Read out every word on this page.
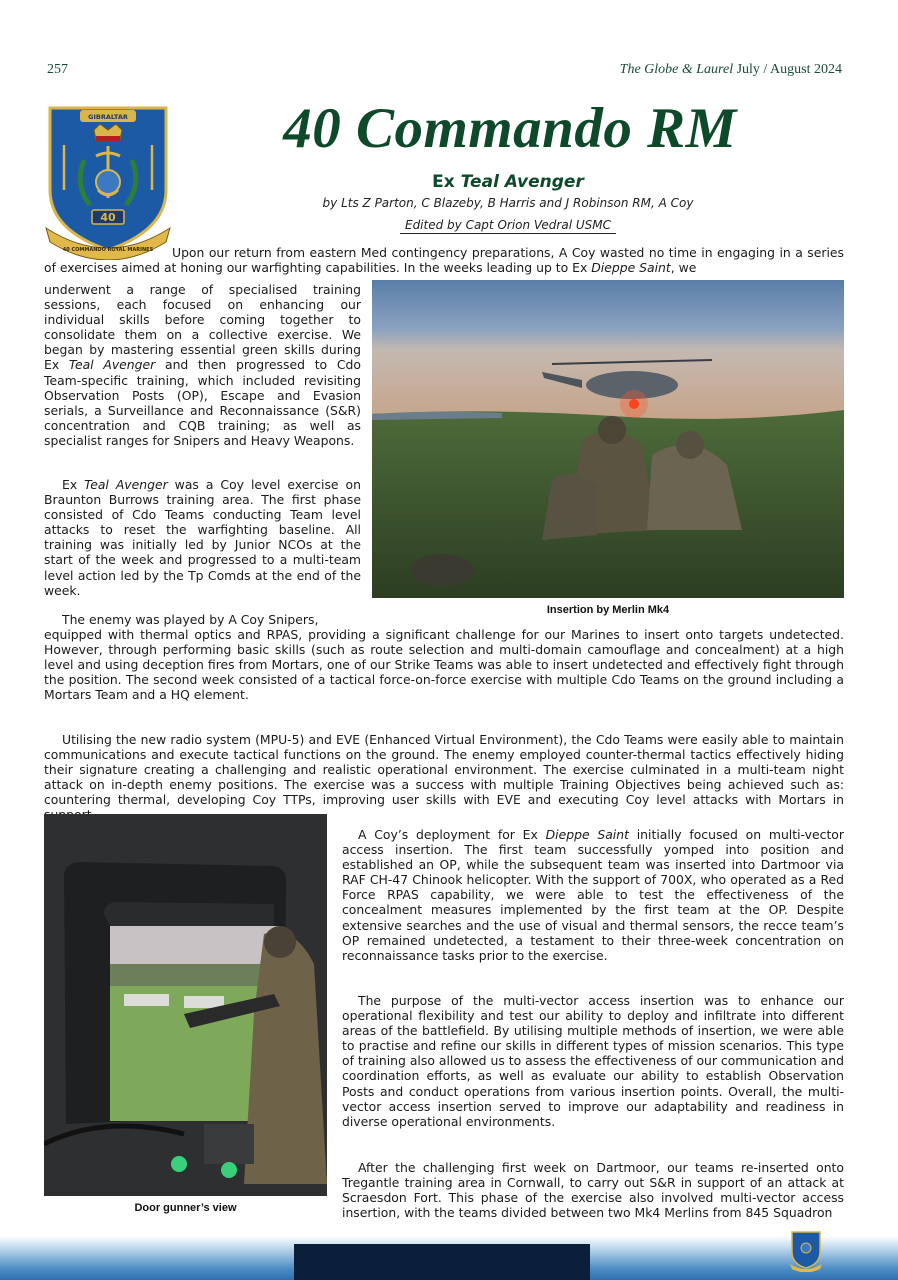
257	The Globe & Laurel July / August 2024
GIBRALTAR
40
40 COMMANDO ROYAL MARINES
40 Commando RM
Ex Teal Avenger
by Lts Z Parton, C Blazeby, B Harris and J Robinson RM, A Coy
Edited by Capt Orion Vedral USMC

Upon our return from eastern Med contingency preparations, A Coy wasted no time in engaging in a series of exercises aimed at honing our warfighting capabilities. In the weeks leading up to Ex Dieppe Saint, we

underwent a range of specialised training sessions, each focused on enhancing our individual skills before coming together to consolidate them on a collective exercise. We began by mastering essential green skills during Ex Teal Avenger and then progressed to Cdo Team-specific training, which included revisiting Observation Posts (OP), Escape and Evasion serials, a Surveillance and Reconnaissance (S&R) concentration and CQB training; as well as specialist ranges for Snipers and Heavy Weapons.

Ex Teal Avenger was a Coy level exercise on Braunton Burrows training area. The first phase consisted of Cdo Teams conducting Team level attacks to reset the warfighting baseline. All training was initially led by Junior NCOs at the start of the week and progressed to a multi-team level action led by the Tp Comds at the end of the week.

Insertion by Merlin Mk4

The enemy was played by A Coy Snipers,
equipped with thermal optics and RPAS, providing a significant challenge for our Marines to insert onto targets undetected. However, through performing basic skills (such as route selection and multi-domain camouflage and concealment) at a high level and using deception fires from Mortars, one of our Strike Teams was able to insert undetected and effectively fight through the position. The second week consisted of a tactical force-on-force exercise with multiple Cdo Teams on the ground including a Mortars Team and a HQ element.

Utilising the new radio system (MPU-5) and EVE (Enhanced Virtual Environment), the Cdo Teams were easily able to maintain communications and execute tactical functions on the ground. The enemy employed counter-thermal tactics effectively hiding their signature creating a challenging and realistic operational environment. The exercise culminated in a multi-team night attack on in-depth enemy positions. The exercise was a success with multiple Training Objectives being achieved such as: countering thermal, developing Coy TTPs, improving user skills with EVE and executing Coy level attacks with Mortars in

Door gunner’s view

A Coy’s deployment for Ex Dieppe Saint initially focused on multi-vector access insertion. The first team successfully yomped into position and established an OP, while the subsequent team was inserted into Dartmoor via RAF CH-47 Chinook helicopter. With the support of 700X, who operated as a Red Force RPAS capability, we were able to test the effectiveness of the concealment measures implemented by the first team at the OP. Despite extensive searches and the use of visual and thermal sensors, the recce team’s OP remained undetected, a testament to their three-week concentration on reconnaissance tasks prior to the exercise.

The purpose of the multi-vector access insertion was to enhance our operational flexibility and test our ability to deploy and infiltrate into different areas of the battlefield. By utilising multiple methods of insertion, we were able to practise and refine our skills in different types of mission scenarios. This type of training also allowed us to assess the effectiveness of our communication and coordination efforts, as well as evaluate our ability to establish Observation Posts and conduct operations from various insertion points. Overall, the multi-vector access insertion served to improve our adaptability and readiness in diverse operational environments.

After the challenging first week on Dartmoor, our teams re-inserted onto Tregantle training area in Cornwall, to carry out S&R in support of an attack at Scraesdon Fort. This phase of the exercise also involved multi-vector access insertion, with the teams divided between two Mk4 Merlins from 845 Squadron
